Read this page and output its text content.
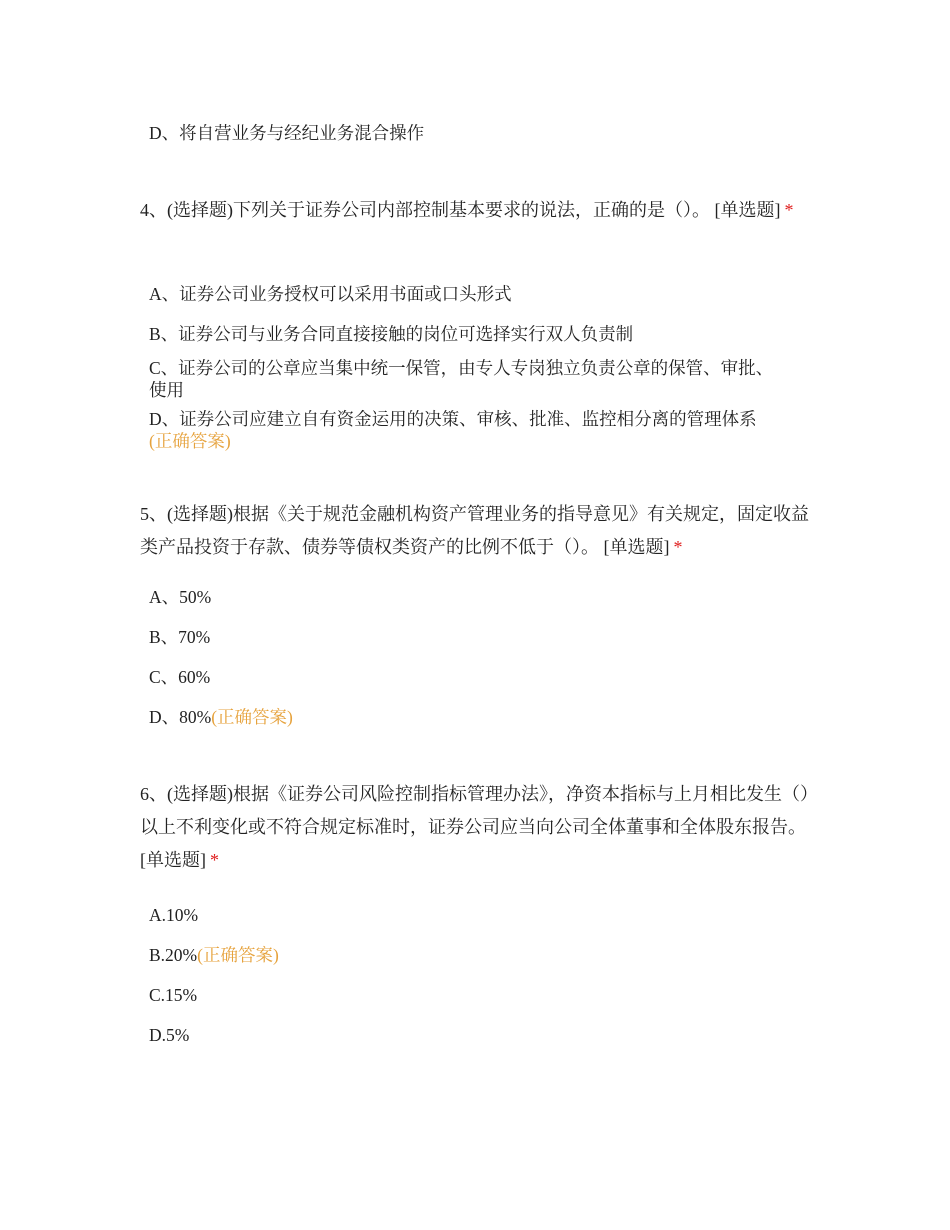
D、将自营业务与经纪业务混合操作

4、(选择题)下列关于证券公司内部控制基本要求的说法，正确的是（）。 [单选题] *

A、证券公司业务授权可以采用书面或口头形式
B、证券公司与业务合同直接接触的岗位可选择实行双人负责制
C、证券公司的公章应当集中统一保管，由专人专岗独立负责公章的保管、审批、使用
D、证券公司应建立自有资金运用的决策、审核、批准、监控相分离的管理体系
(正确答案)

5、(选择题)根据《关于规范金融机构资产管理业务的指导意见》有关规定，固定收益类产品投资于存款、债券等债权类资产的比例不低于（）。 [单选题] *

A、50%
B、70%
C、60%
D、80%(正确答案)

6、(选择题)根据《证券公司风险控制指标管理办法》，净资本指标与上月相比发生（）以上不利变化或不符合规定标准时，证券公司应当向公司全体董事和全体股东报告。 [单选题] *

A.10%
B.20%(正确答案)
C.15%
D.5%
